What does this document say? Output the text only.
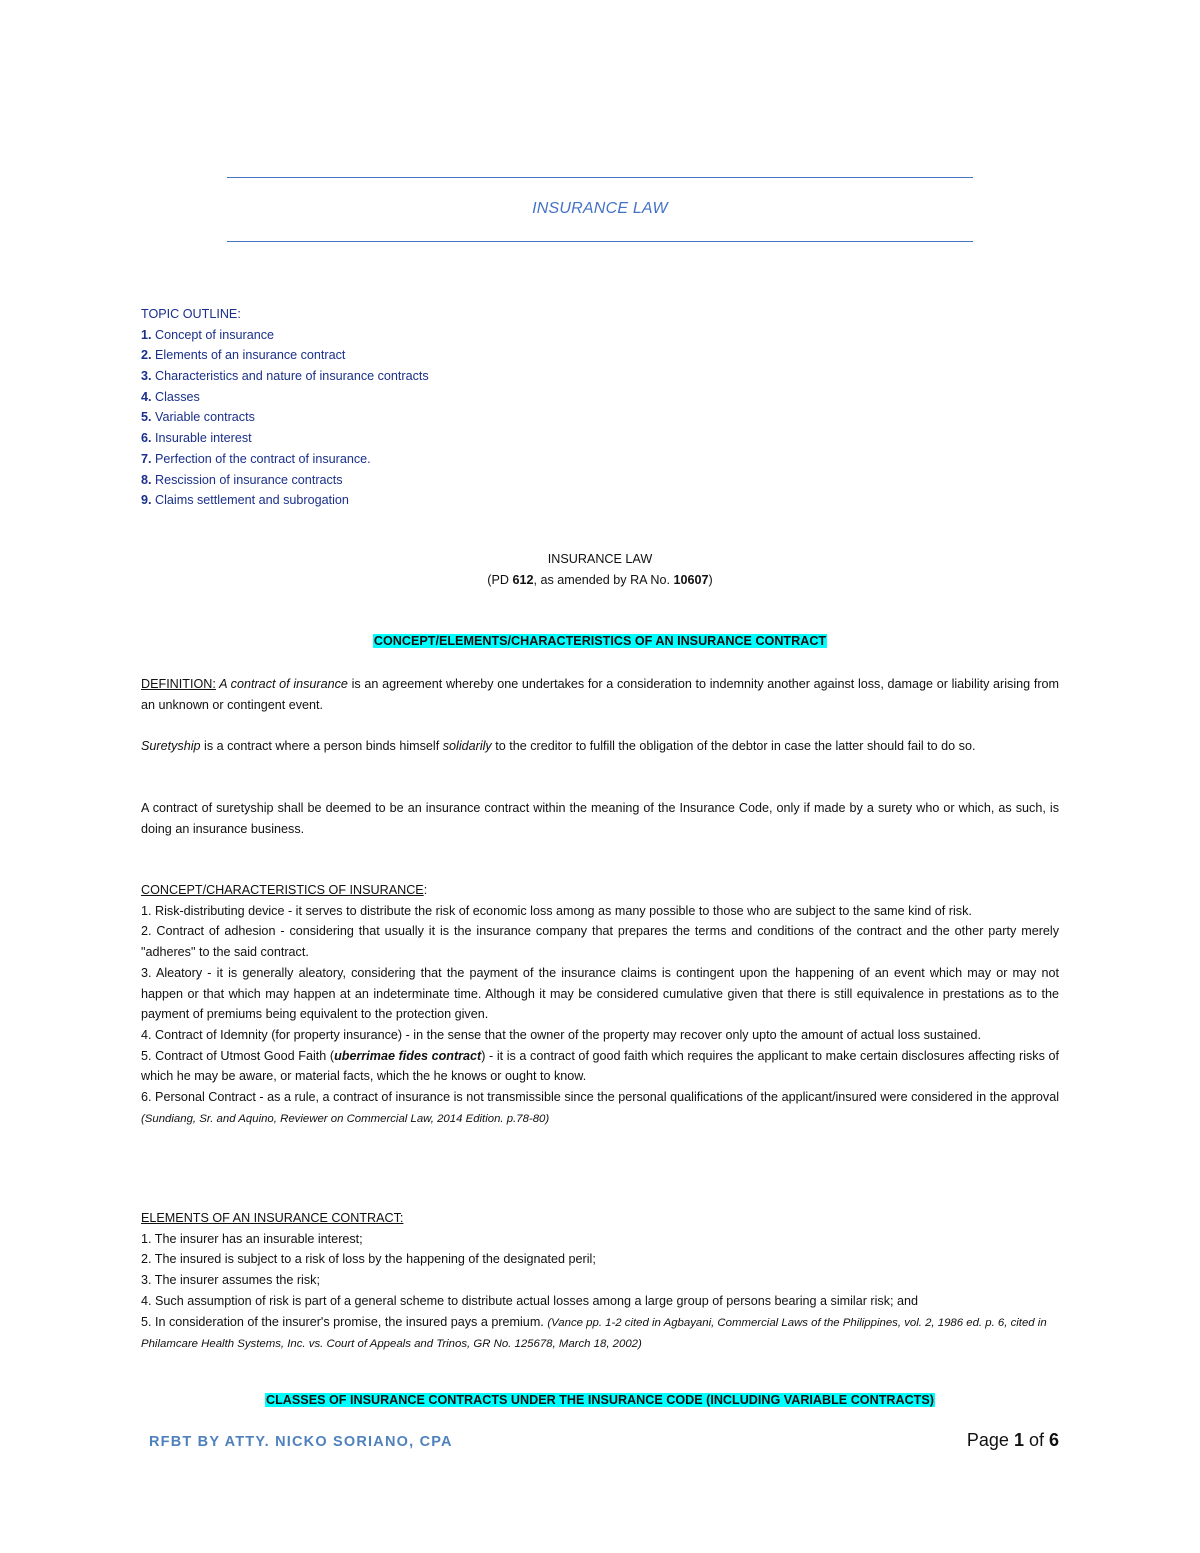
INSURANCE LAW
TOPIC OUTLINE:
1. Concept of insurance
2. Elements of an insurance contract
3. Characteristics and nature of insurance contracts
4. Classes
5. Variable contracts
6. Insurable interest
7. Perfection of the contract of insurance.
8. Rescission of insurance contracts
9. Claims settlement and subrogation
INSURANCE LAW
(PD 612, as amended by RA No. 10607)
CONCEPT/ELEMENTS/CHARACTERISTICS OF AN INSURANCE CONTRACT

DEFINITION: A contract of insurance is an agreement whereby one undertakes for a consideration to indemnity another against loss, damage or liability arising from an unknown or contingent event.

Suretyship is a contract where a person binds himself solidarily to the creditor to fulfill the obligation of the debtor in case the latter should fail to do so.

A contract of suretyship shall be deemed to be an insurance contract within the meaning of the Insurance Code, only if made by a surety who or which, as such, is doing an insurance business.

CONCEPT/CHARACTERISTICS OF INSURANCE:

1. Risk-distributing device - it serves to distribute the risk of economic loss among as many possible to those who are subject to the same kind of risk.

2. Contract of adhesion - considering that usually it is the insurance company that prepares the terms and conditions of the contract and the other party merely "adheres" to the said contract.

3. Aleatory - it is generally aleatory, considering that the payment of the insurance claims is contingent upon the happening of an event which may or may not happen or that which may happen at an indeterminate time. Although it may be considered cumulative given that there is still equivalence in prestations as to the payment of premiums being equivalent to the protection given.

4. Contract of Idemnity (for property insurance) - in the sense that the owner of the property may recover only upto the amount of actual loss sustained.

5. Contract of Utmost Good Faith (uberrimae fides contract) - it is a contract of good faith which requires the applicant to make certain disclosures affecting risks of which he may be aware, or material facts, which the he knows or ought to know.

6. Personal Contract - as a rule, a contract of insurance is not transmissible since the personal qualifications of the applicant/insured were considered in the approval (Sundiang, Sr. and Aquino, Reviewer on Commercial Law, 2014 Edition. p.78-80)

ELEMENTS OF AN INSURANCE CONTRACT:

1. The insurer has an insurable interest;

2. The insured is subject to a risk of loss by the happening of the designated peril;

3. The insurer assumes the risk;

4. Such assumption of risk is part of a general scheme to distribute actual losses among a large group of persons bearing a similar risk; and

5. In consideration of the insurer's promise, the insured pays a premium. (Vance pp. 1-2 cited in Agbayani, Commercial Laws of the Philippines, vol. 2, 1986 ed. p. 6, cited in Philamcare Health Systems, Inc. vs. Court of Appeals and Trinos, GR No. 125678, March 18, 2002)

CLASSES OF INSURANCE CONTRACTS UNDER THE INSURANCE CODE (INCLUDING VARIABLE CONTRACTS)
RFBT BY ATTY. NICKO SORIANO, CPA	Page 1 of 6
